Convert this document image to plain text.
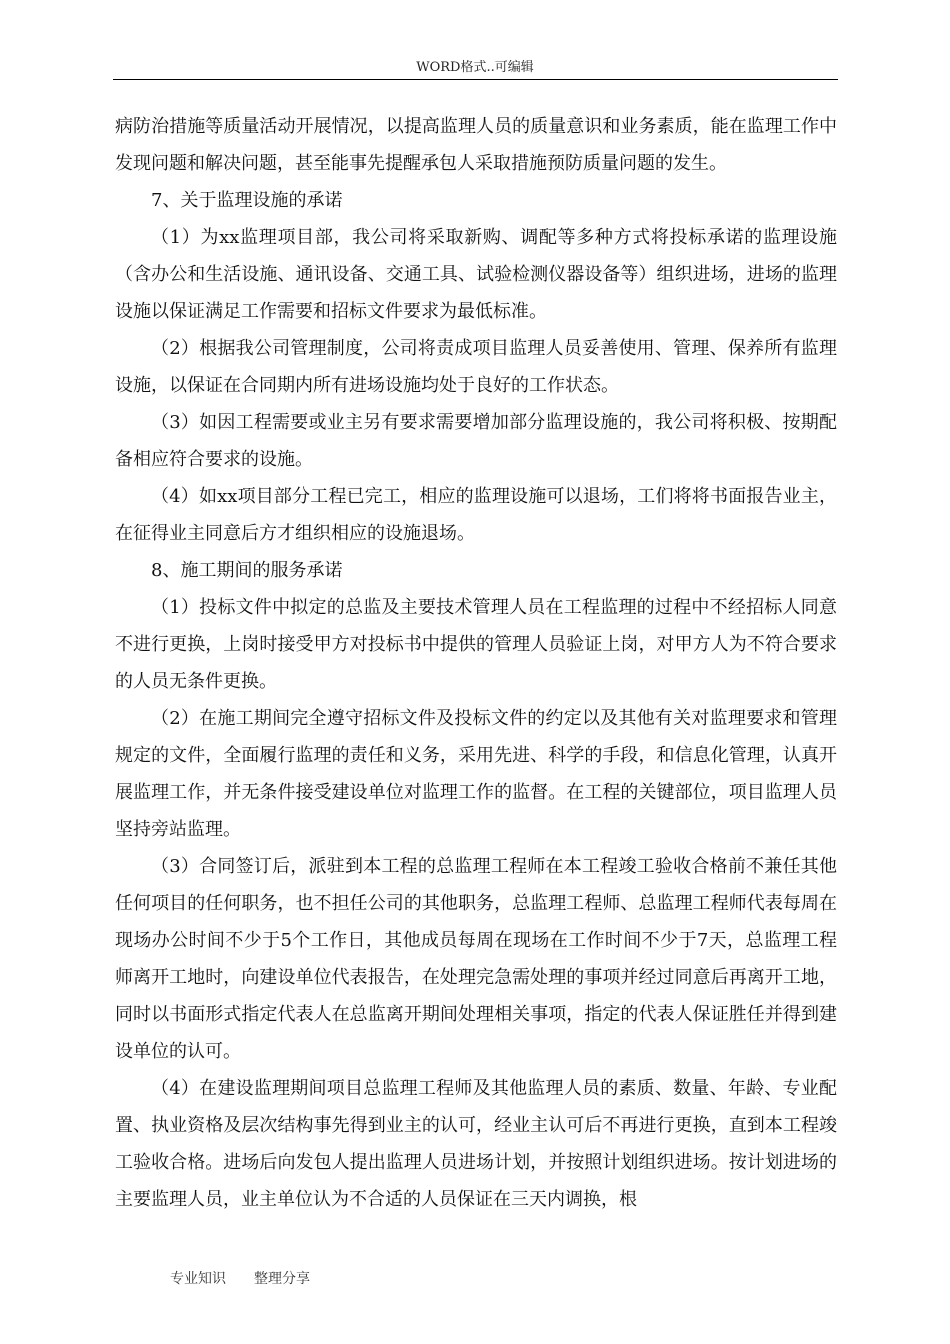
WORD格式..可编辑

病防治措施等质量活动开展情况，以提高监理人员的质量意识和业务素质，能在监理工作中发现问题和解决问题，甚至能事先提醒承包人采取措施预防质量问题的发生。

7、关于监理设施的承诺

（1）为xx监理项目部，我公司将采取新购、调配等多种方式将投标承诺的监理设施（含办公和生活设施、通讯设备、交通工具、试验检测仪器设备等）组织进场，进场的监理设施以保证满足工作需要和招标文件要求为最低标准。

（2）根据我公司管理制度，公司将责成项目监理人员妥善使用、管理、保养所有监理设施，以保证在合同期内所有进场设施均处于良好的工作状态。

（3）如因工程需要或业主另有要求需要增加部分监理设施的，我公司将积极、按期配备相应符合要求的设施。

（4）如xx项目部分工程已完工，相应的监理设施可以退场，工们将将书面报告业主，在征得业主同意后方才组织相应的设施退场。

8、施工期间的服务承诺

（1）投标文件中拟定的总监及主要技术管理人员在工程监理的过程中不经招标人同意不进行更换，上岗时接受甲方对投标书中提供的管理人员验证上岗，对甲方人为不符合要求的人员无条件更换。

（2）在施工期间完全遵守招标文件及投标文件的约定以及其他有关对监理要求和管理规定的文件，全面履行监理的责任和义务，采用先进、科学的手段，和信息化管理，认真开展监理工作，并无条件接受建设单位对监理工作的监督。在工程的关键部位，项目监理人员坚持旁站监理。

（3）合同签订后，派驻到本工程的总监理工程师在本工程竣工验收合格前不兼任其他任何项目的任何职务，也不担任公司的其他职务，总监理工程师、总监理工程师代表每周在现场办公时间不少于5个工作日，其他成员每周在现场在工作时间不少于7天，总监理工程师离开工地时，向建设单位代表报告，在处理完急需处理的事项并经过同意后再离开工地，同时以书面形式指定代表人在总监离开期间处理相关事项，指定的代表人保证胜任并得到建设单位的认可。

（4）在建设监理期间项目总监理工程师及其他监理人员的素质、数量、年龄、专业配置、执业资格及层次结构事先得到业主的认可，经业主认可后不再进行更换，直到本工程竣工验收合格。进场后向发包人提出监理人员进场计划，并按照计划组织进场。按计划进场的主要监理人员，业主单位认为不合适的人员保证在三天内调换，根

专业知识 整理分享
